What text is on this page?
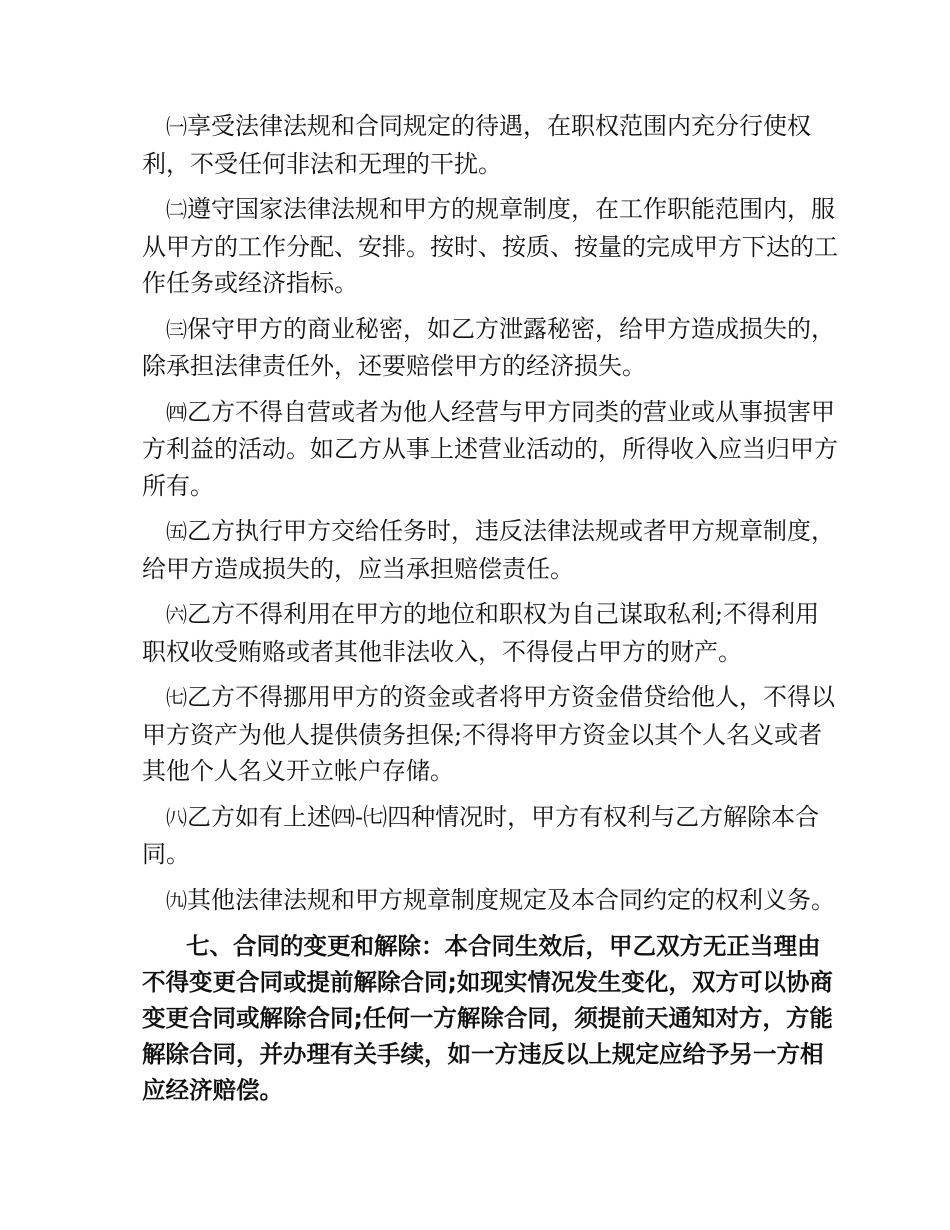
㈠享受法律法规和合同规定的待遇，在职权范围内充分行使权利，不受任何非法和无理的干扰。

㈡遵守国家法律法规和甲方的规章制度，在工作职能范围内，服从甲方的工作分配、安排。按时、按质、按量的完成甲方下达的工作任务或经济指标。

㈢保守甲方的商业秘密，如乙方泄露秘密，给甲方造成损失的，除承担法律责任外，还要赔偿甲方的经济损失。

㈣乙方不得自营或者为他人经营与甲方同类的营业或从事损害甲方利益的活动。如乙方从事上述营业活动的，所得收入应当归甲方所有。

㈤乙方执行甲方交给任务时，违反法律法规或者甲方规章制度，给甲方造成损失的，应当承担赔偿责任。

㈥乙方不得利用在甲方的地位和职权为自己谋取私利;不得利用职权收受贿赂或者其他非法收入，不得侵占甲方的财产。

㈦乙方不得挪用甲方的资金或者将甲方资金借贷给他人，不得以甲方资产为他人提供债务担保;不得将甲方资金以其个人名义或者其他个人名义开立帐户存储。

㈧乙方如有上述㈣-㈦四种情况时，甲方有权利与乙方解除本合同。

㈨其他法律法规和甲方规章制度规定及本合同约定的权利义务。

七、合同的变更和解除：本合同生效后，甲乙双方无正当理由不得变更合同或提前解除合同;如现实情况发生变化，双方可以协商变更合同或解除合同;任何一方解除合同，须提前天通知对方，方能解除合同，并办理有关手续，如一方违反以上规定应给予另一方相应经济赔偿。
